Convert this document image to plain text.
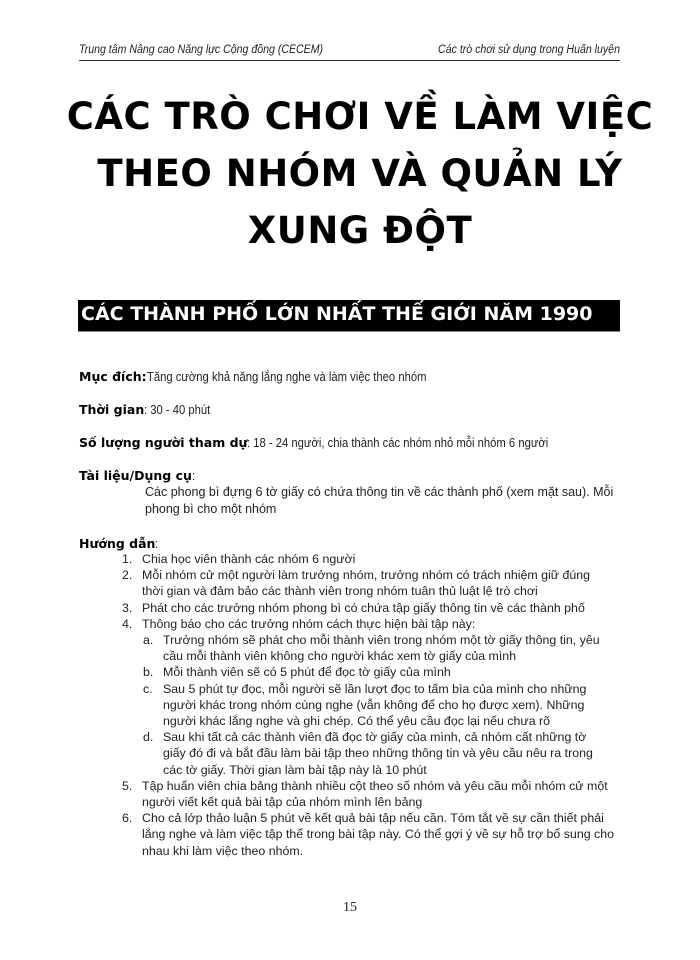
Trung tâm Nâng cao Năng lực Cộng đồng (CECEM)	Các trò chơi sử dụng trong Huấn luyện
CÁC TRÒ CHƠI VỀ LÀM VIỆC
THEO NHÓM VÀ QUẢN LÝ
XUNG ĐỘT
CÁC THÀNH PHỐ LỚN NHẤT THẾ GIỚI NĂM 1990
Mục đích:Tăng cường khả năng lắng nghe và làm việc theo nhóm
Thời gian: 30 - 40 phút
Số lượng người tham dự: 18 - 24 người, chia thành các nhóm nhỏ mỗi nhóm 6 người
Tài liệu/Dụng cụ:
Các phong bì đựng 6 tờ giấy có chứa thông tin về các thành phố (xem mặt sau). Mỗi phong bì cho một nhóm
Hướng dẫn:
1. Chia học viên thành các nhóm 6 người
2. Mỗi nhóm cử một người làm trưởng nhóm, trưởng nhóm có trách nhiệm giữ đúng thời gian và đảm bảo các thành viên trong nhóm tuân thủ luật lệ trò chơi
3. Phát cho các trưởng nhóm phong bì có chứa tập giấy thông tin về các thành phố
4. Thông báo cho các trưởng nhóm cách thực hiện bài tập này:
a. Trưởng nhóm sẽ phát cho mỗi thành viên trong nhóm một tờ giấy thông tin, yêu cầu mỗi thành viên không cho người khác xem tờ giấy của mình
b. Mỗi thành viên sẽ có 5 phút để đọc tờ giấy của mình
c. Sau 5 phút tự đọc, mỗi người sẽ lần lượt đọc to tấm bìa của mình cho những người khác trong nhóm cùng nghe (vẫn không để cho họ được xem). Những người khác lắng nghe và ghi chép. Có thể yêu cầu đọc lại nếu chưa rõ
d. Sau khi tất cả các thành viên đã đọc tờ giấy của mình, cả nhóm cất những tờ giấy đó đi và bắt đầu làm bài tập theo những thông tin và yêu cầu nêu ra trong các tờ giấy. Thời gian làm bài tập này là 10 phút
5. Tập huấn viên chia bảng thành nhiều cột theo số nhóm và yêu cầu mỗi nhóm cử một người viết kết quả bài tập của nhóm mình lên bảng
6. Cho cả lớp thảo luận 5 phút về kết quả bài tập nếu cần. Tóm tắt về sự cần thiết phải lắng nghe và làm việc tập thể trong bài tập này. Có thể gợi ý về sự hỗ trợ bổ sung cho nhau khi làm việc theo nhóm.
15
